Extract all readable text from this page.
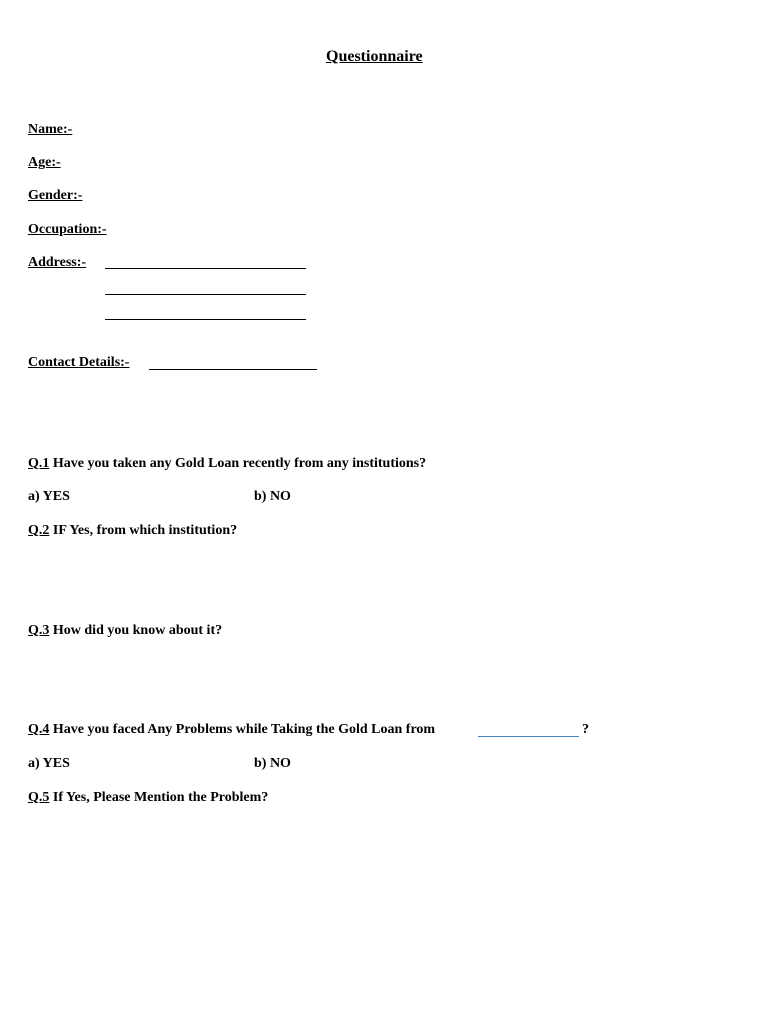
Questionnaire
Name:-
Age:-
Gender:-
Occupation:-
Address:-
Contact Details:-
Q.1 Have you taken any Gold Loan recently from any institutions?
a) YES	b) NO
Q.2 IF Yes, from which institution?
Q.3 How did you know about it?
Q.4 Have you faced Any Problems while Taking the Gold Loan from	?
a) YES	b) NO
Q.5 If Yes, Please Mention the Problem?
